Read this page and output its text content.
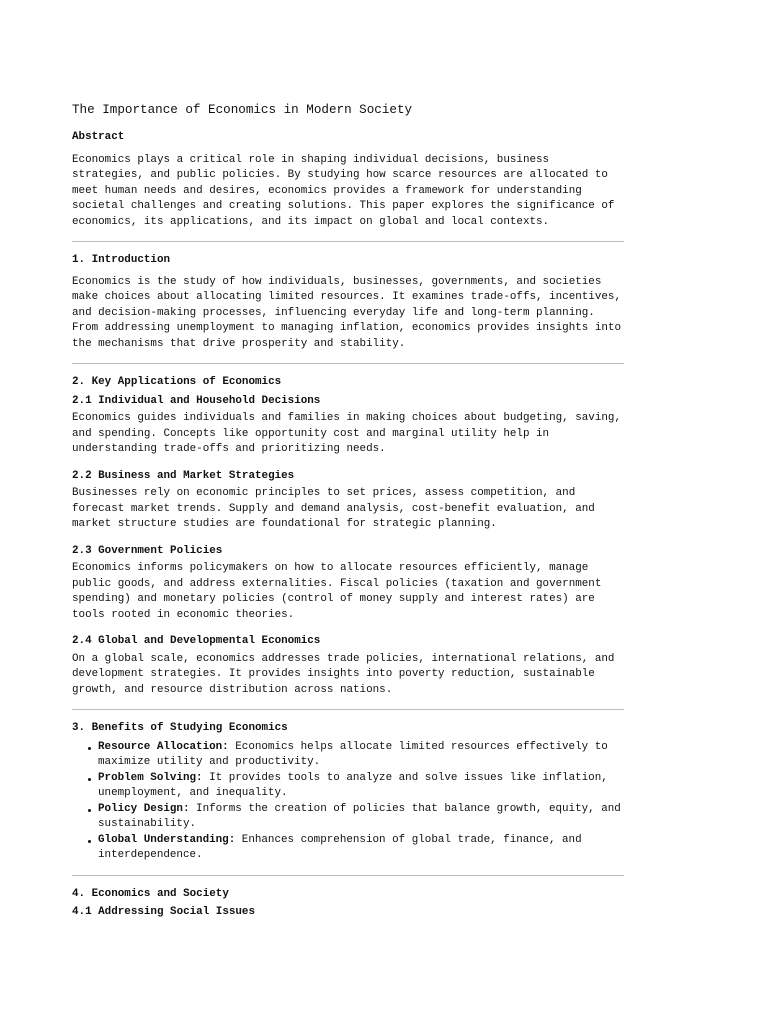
The Importance of Economics in Modern Society
Abstract

Economics plays a critical role in shaping individual decisions, business strategies, and public policies. By studying how scarce resources are allocated to meet human needs and desires, economics provides a framework for understanding societal challenges and creating solutions. This paper explores the significance of economics, its applications, and its impact on global and local contexts.

1. Introduction

Economics is the study of how individuals, businesses, governments, and societies make choices about allocating limited resources. It examines trade-offs, incentives, and decision-making processes, influencing everyday life and long-term planning. From addressing unemployment to managing inflation, economics provides insights into the mechanisms that drive prosperity and stability.

2. Key Applications of Economics
2.1 Individual and Household Decisions

Economics guides individuals and families in making choices about budgeting, saving, and spending. Concepts like opportunity cost and marginal utility help in understanding trade-offs and prioritizing needs.

2.2 Business and Market Strategies

Businesses rely on economic principles to set prices, assess competition, and forecast market trends. Supply and demand analysis, cost-benefit evaluation, and market structure studies are foundational for strategic planning.

2.3 Government Policies

Economics informs policymakers on how to allocate resources efficiently, manage public goods, and address externalities. Fiscal policies (taxation and government spending) and monetary policies (control of money supply and interest rates) are tools rooted in economic theories.

2.4 Global and Developmental Economics

On a global scale, economics addresses trade policies, international relations, and development strategies. It provides insights into poverty reduction, sustainable growth, and resource distribution across nations.

3. Benefits of Studying Economics
Resource Allocation: Economics helps allocate limited resources effectively to maximize utility and productivity.
Problem Solving: It provides tools to analyze and solve issues like inflation, unemployment, and inequality.
Policy Design: Informs the creation of policies that balance growth, equity, and sustainability.
Global Understanding: Enhances comprehension of global trade, finance, and interdependence.
4. Economics and Society
4.1 Addressing Social Issues
